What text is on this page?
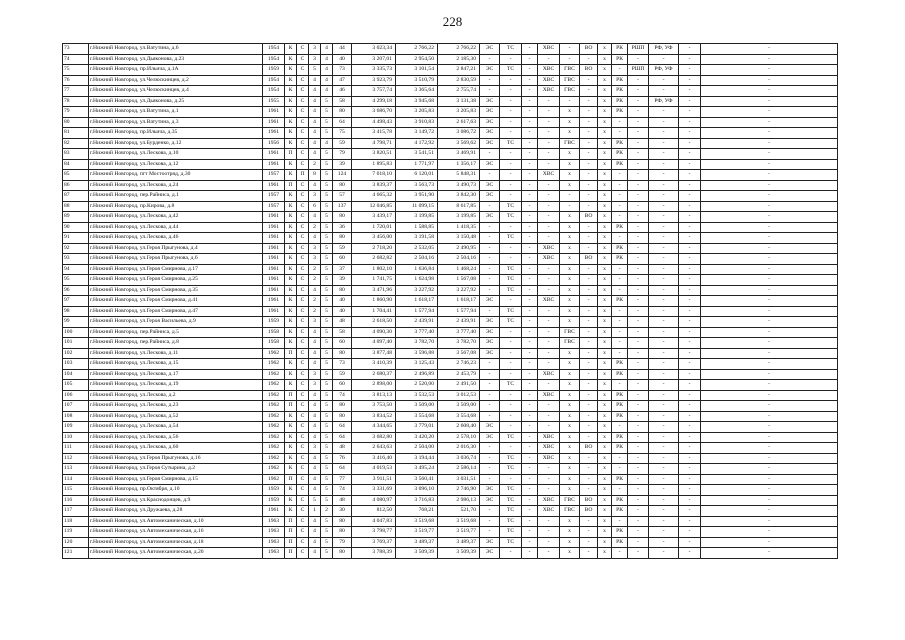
228
73	г.Нижний Новгород, ул.Ватутина, д.6	1954	К	С	3	4	44	3 023,34	2 766,22	2 766,22	ЭС	ТС	-	ХВС	-	ВО	х	РК	РШП	РФ, УФ	-	-
74	г.Нижний Новгород, ул.Дьяконова, д.23	1954	К	С	3	4	40	3 207,01	2 954,50	2 185,30	-	-	-	-	-	-	х	РК	-	-	-	-
75	г.Нижний Новгород, пр.Ильича, д.1А	1959	К	С	5	4	73	3 335,73	3 101,54	2 847,21	ЭС	ТС	-	ХВС	ГВС	ВО	х	-	РШП	РФ, УФ	-	-
76	г.Нижний Новгород, ул.Челюскинцев, д.2	1954	К	С	4	4	47	3 923,79	3 510,79	2 830,59	-	-	-	ХВС	ГВС	-	х	РК	-	-	-	-
77	г.Нижний Новгород, ул.Челюскинцев, д.4	1954	К	С	4	4	46	3 757,74	3 365,64	2 755,74	-	-	-	ХВС	ГВС	-	х	РК	-	-	-	-
78	г.Нижний Новгород, ул.Дьяконова, д.25	1955	К	С	4	5	58	4 299,18	3 945,68	3 131,38	ЭС	-	-	-	-	-	х	РК	-	РФ, УФ	-	-
79	г.Нижний Новгород, ул.Ватутина, д.1	1961	К	С	4	5	80	3 686,70	3 205,83	3 205,83	ЭС	-	-	-	х	-	х	РК	-	-	-	-
80	г.Нижний Новгород, ул.Ватутина, д.3	1961	К	С	4	5	64	4 498,43	3 910,83	2 617,63	ЭС	-	-	-	х	-	х	-	-	-	-	-
81	г.Нижний Новгород, пр.Ильича, д.35	1961	К	С	4	5	75	3 415,78	3 149,72	3 086,72	ЭС	-	-	-	х	-	х	-	-	-	-	-
82	г.Нижний Новгород, ул.Бурденко, д.12	1956	К	С	4	4	59	4 798,71	4 172,92	3 569,62	ЭС	ТС	-	-	ГВС	-	х	РК	-	-	-	-
83	г.Нижний Новгород, ул.Лескова, д.10	1961	П	С	4	5	79	3 820,51	3 541,51	3 469,91	-	-	-	-	х	-	х	РК	-	-	-	-
84	г.Нижний Новгород, ул.Лескова, д.12	1961	К	С	2	5	39	1 895,83	1 771,97	1 356,17	ЭС	-	-	-	х	-	х	РК	-	-	-	-
85	г.Нижний Новгород, пгт Мостоотряд, д.30	1957	К	П	8	5	124	7 018,10	6 120,01	5 848,31	-	-	-	ХВС	х	-	х	-	-	-	-	-
86	г.Нижний Новгород, ул.Лескова, д.24	1961	П	С	4	5	80	3 839,37	3 563,73	3 490,73	ЭС	-	-	-	х	-	х	-	-	-	-	-
87	г.Нижний Новгород, пер.Райниса, д.1	1957	К	С	3	5	57	4 665,32	3 951,90	3 842,30	ЭС	-	-	-	-	-	х	-	-	-	-	-
88	г.Нижний Новгород, пр.Кирова, д.8	1957	К	С	6	5	137	12 046,85	11 099,15	8 617,85	-	ТС	-	-	-	-	х	-	-	-	-	-
89	г.Нижний Новгород, ул.Лескова, д.42	1961	К	С	4	5	80	3 439,17	3 199,85	3 199,85	ЭС	ТС	-	-	х	ВО	х	-	-	-	-	-
90	г.Нижний Новгород, ул.Лескова, д.44	1961	К	С	2	5	36	1 720,01	1 588,85	1 418,35	-	-	-	-	х	-	х	РК	-	-	-	-
91	г.Нижний Новгород, ул.Лескова, д.46	1961	К	С	4	5	80	3 456,00	3 191,58	3 150,48	-	ТС	-	-	х	-	х	-	-	-	-	-
92	г.Нижний Новгород, ул.Героя Прыгунова, д.4	1961	К	С	3	5	59	2 718,20	2 532,05	2 490,95	-	-	-	ХВС	х	-	х	РК	-	-	-	-
93	г.Нижний Новгород, ул.Героя Прыгунова, д.6	1961	К	С	3	5	60	2 682,82	2 504,16	2 504,16	-	-	-	ХВС	х	ВО	х	РК	-	-	-	-
94	г.Нижний Новгород, ул.Героя Смирнова, д.17	1961	К	С	2	5	37	1 802,10	1 636,84	1 468,24	-	ТС	-	-	х	-	х	-	-	-	-	-
95	г.Нижний Новгород, ул.Героя Смирнова, д.25	1961	К	С	2	5	39	1 741,75	1 624,98	1 567,08	-	ТС	-	-	х	-	х	-	-	-	-	-
96	г.Нижний Новгород, ул.Героя Смирнова, д.35	1961	К	С	4	5	80	3 471,96	3 227,92	3 227,92	-	ТС	-	-	х	-	х	-	-	-	-	-
97	г.Нижний Новгород, ул.Героя Смирнова, д.41	1961	К	С	2	5	40	1 860,90	1 618,17	1 618,17	ЭС	-	-	ХВС	х	-	х	РК	-	-	-	-
98	г.Нижний Новгород, ул.Героя Смирнова, д.47	1961	К	С	2	5	40	1 704,41	1 577,94	1 577,94	-	ТС	-	-	х	-	х	-	-	-	-	-
99	г.Нижний Новгород, ул.Героя Васильева, д.9	1959	К	С	3	5	48	2 618,50	2 439,91	2 439,91	ЭС	ТС	-	-	х	-	х	-	-	-	-	-
100	г.Нижний Новгород, пер.Райниса, д.5	1958	К	С	4	5	58	4 090,30	3 777,40	3 777,40	ЭС	-	-	-	ГВС	-	х	-	-	-	-	-
101	г.Нижний Новгород, пер.Райниса, д.8	1958	К	С	4	5	60	4 097,40	3 782,70	3 782,70	ЭС	-	-	-	ГВС	-	х	-	-	-	-	-
102	г.Нижний Новгород, ул.Лескова, д.11	1962	П	С	4	5	80	3 877,48	3 596,88	3 567,08	ЭС	-	-	-	х	-	х	-	-	-	-	-
103	г.Нижний Новгород, ул.Лескова, д.15	1962	К	С	4	5	73	3 410,39	3 125,43	2 746,23	-	-	-	-	х	-	х	РК	-	-	-	-
104	г.Нижний Новгород, ул.Лескова, д.17	1962	К	С	3	5	59	2 680,37	2 496,89	2 453,79	-	-	-	ХВС	х	-	х	РК	-	-	-	-
105	г.Нижний Новгород, ул.Лескова, д.19	1962	К	С	3	5	60	2 898,00	2 520,00	2 491,50	-	ТС	-	-	х	-	х	-	-	-	-	-
106	г.Нижний Новгород, ул.Лескова, д.2	1962	П	С	4	5	74	3 813,13	3 532,53	3 012,53	-	-	-	ХВС	х	-	х	РК	-	-	-	-
107	г.Нижний Новгород, ул.Лескова, д.23	1962	П	С	4	5	80	3 753,50	3 509,00	3 509,00	-	-	-	-	х	-	х	РК	-	-	-	-
108	г.Нижний Новгород, ул.Лескова, д.52	1962	К	С	4	5	80	3 834,52	3 554,68	3 554,68	-	-	-	-	х	-	х	РК	-	-	-	-
109	г.Нижний Новгород, ул.Лескова, д.54	1962	К	С	4	5	64	4 344,65	3 779,01	2 608,40	ЭС	-	-	-	х	-	х	-	-	-	-	-
110	г.Нижний Новгород, ул.Лескова, д.56	1962	К	С	4	5	64	3 682,80	3 420,20	2 578,10	ЭС	ТС	-	ХВС	х	-	х	РК	-	-	-	-
111	г.Нижний Новгород, ул.Лескова, д.60	1962	К	С	3	5	48	2 643,63	2 504,00	2 016,30	-	-	-	ХВС	х	ВО	х	РК	-	-	-	-
112	г.Нижний Новгород, ул.Героя Прыгунова, д.16	1962	К	С	4	5	76	3 416,40	3 194,44	3 036,74	-	ТС	-	ХВС	х	-	х	-	-	-	-	-
113	г.Нижний Новгород, ул.Героя Сутырина, д.2	1962	К	С	4	5	64	4 019,53	3 495,24	2 586,14	-	ТС	-	-	х	-	х	-	-	-	-	-
114	г.Нижний Новгород, ул.Героя Смирнова, д.15	1962	П	С	4	5	77	3 911,51	3 560,41	3 031,51	-	-	-	-	х	-	х	РК	-	-	-	-
115	г.Нижний Новгород, пр.Октября, д.10	1959	К	С	4	5	74	3 331,69	3 096,10	2 746,90	ЭС	ТС	-	-	х	-	х	-	-	-	-	-
116	г.Нижний Новгород, ул.Краснодонцев, д.9	1959	К	С	5	5	48	4 080,97	3 716,83	2 986,13	ЭС	ТС	-	ХВС	ГВС	ВО	х	РК	-	-	-	-
117	г.Нижний Новгород, ул.Дружаева, д.28	1961	К	С	1	2	30	812,50	768,21	521,70	-	ТС	-	ХВС	ГВС	ВО	х	РК	-	-	-	-
118	г.Нижний Новгород, ул.Автомеханическая, д.10	1963	П	С	4	5	80	4 047,83	3 519,68	3 519,68	-	ТС	-	-	х	-	х	-	-	-	-	-
119	г.Нижний Новгород, ул.Автомеханическая, д.16	1963	П	С	4	5	80	3 798,77	3 519,77	3 519,77	-	ТС	-	-	х	-	х	РК	-	-	-	-
120	г.Нижний Новгород, ул.Автомеханическая, д.18	1963	П	С	4	5	79	3 769,37	3 489,37	3 489,37	ЭС	ТС	-	-	х	-	х	РК	-	-	-	-
121	г.Нижний Новгород, ул.Автомеханическая, д.20	1963	П	С	4	5	80	3 788,39	3 509,39	3 509,39	ЭС	-	-	-	х	-	х	-	-	-	-	-
